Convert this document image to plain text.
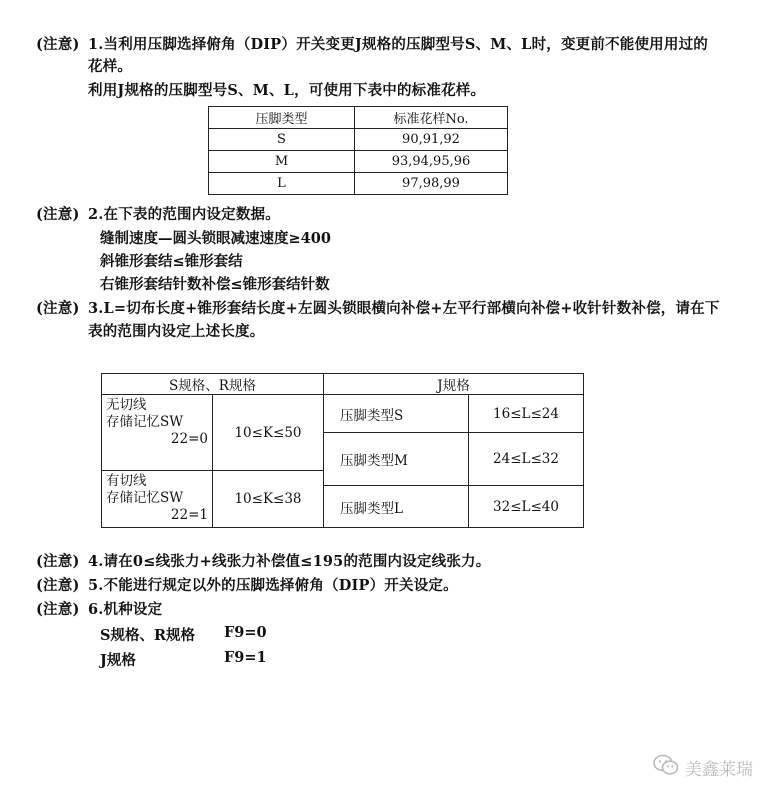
(注意) 1.当利用压脚选择俯角（DIP）开关变更J规格的压脚型号S、M、L时，变更前不能使用用过的
花样。
利用J规格的压脚型号S、M、L，可使用下表中的标准花样。
压脚类型	标准花样No.
S	90,91,92
M	93,94,95,96
L	97,98,99
(注意) 2.在下表的范围内设定数据。
缝制速度—圆头锁眼减速速度≥400
斜锥形套结≤锥形套结
右锥形套结针数补偿≤锥形套结针数
(注意) 3.L=切布长度+锥形套结长度+左圆头锁眼横向补偿+左平行部横向补偿+收针针数补偿，请在下
表的范围内设定上述长度。
S规格、R规格		J规格	

无切线
存储记忆SW
22=0	10≤K≤50	压脚类型S	16≤L≤24

		压脚类型M	24≤L≤32

有切线
存储记忆SW
22=1	10≤K≤38		
		压脚类型L	32≤L≤40
(注意) 4.请在0≤线张力+线张力补偿值≤195的范围内设定线张力。
(注意) 5.不能进行规定以外的压脚选择俯角（DIP）开关设定。
(注意) 6.机种设定
S规格、R规格 F9=0
J规格	F9=1
美鑫莱瑞
